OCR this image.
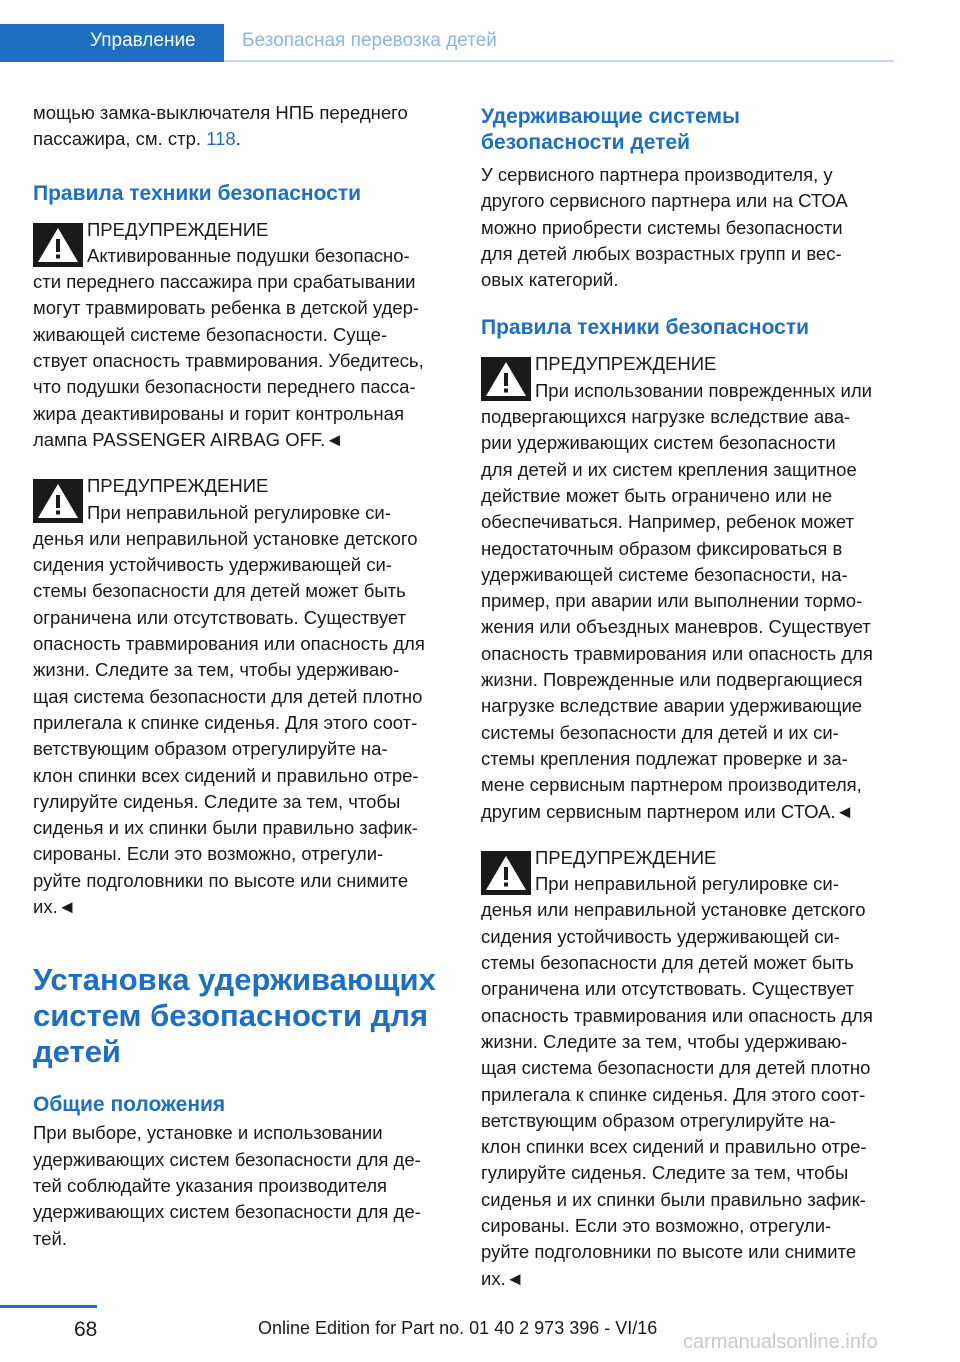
Управление Безопасная перевозка детей

мощью замка-выключателя НПБ переднего
пассажира, см. стр. 118.

Правила техники безопасности
ПРЕДУПРЕЖДЕНИЕ
Активированные подушки безопасно-
сти переднего пассажира при срабатывании
могут травмировать ребенка в детской удер-
живающей системе безопасности. Суще-
ствует опасность травмирования. Убедитесь,
что подушки безопасности переднего пасса-
жира деактивированы и горит контрольная
лампа PASSENGER AIRBAG OFF.◄
ПРЕДУПРЕЖДЕНИЕ
При неправильной регулировке си-
денья или неправильной установке детского
сидения устойчивость удерживающей си-
стемы безопасности для детей может быть
ограничена или отсутствовать. Существует
опасность травмирования или опасность для
жизни. Следите за тем, чтобы удерживаю-
щая система безопасности для детей плотно
прилегала к спинке сиденья. Для этого соот-
ветствующим образом отрегулируйте на-
клон спинки всех сидений и правильно отре-
гулируйте сиденья. Следите за тем, чтобы
сиденья и их спинки были правильно зафик-
сированы. Если это возможно, отрегули-
руйте подголовники по высоте или снимите
их.◄
Установка удерживающих
систем безопасности для
детей
Общие положения

При выборе, установке и использовании
удерживающих систем безопасности для де-
тей соблюдайте указания производителя
удерживающих систем безопасности для де-
тей.

Удерживающие системы
безопасности детей

У сервисного партнера производителя, у
другого сервисного партнера или на СТОА
можно приобрести системы безопасности
для детей любых возрастных групп и вес-
овых категорий.

Правила техники безопасности
ПРЕДУПРЕЖДЕНИЕ
При использовании поврежденных или
подвергающихся нагрузке вследствие ава-
рии удерживающих систем безопасности
для детей и их систем крепления защитное
действие может быть ограничено или не
обеспечиваться. Например, ребенок может
недостаточным образом фиксироваться в
удерживающей системе безопасности, на-
пример, при аварии или выполнении тормо-
жения или объездных маневров. Существует
опасность травмирования или опасность для
жизни. Поврежденные или подвергающиеся
нагрузке вследствие аварии удерживающие
системы безопасности для детей и их си-
стемы крепления подлежат проверке и за-
мене сервисным партнером производителя,
другим сервисным партнером или СТОА.◄
ПРЕДУПРЕЖДЕНИЕ
При неправильной регулировке си-
денья или неправильной установке детского
сидения устойчивость удерживающей си-
стемы безопасности для детей может быть
ограничена или отсутствовать. Существует
опасность травмирования или опасность для
жизни. Следите за тем, чтобы удерживаю-
щая система безопасности для детей плотно
прилегала к спинке сиденья. Для этого соот-
ветствующим образом отрегулируйте на-
клон спинки всех сидений и правильно отре-
гулируйте сиденья. Следите за тем, чтобы
сиденья и их спинки были правильно зафик-
сированы. Если это возможно, отрегули-
руйте подголовники по высоте или снимите
их.◄
68	Online Edition for Part no. 01 40 2 973 396 - VI/16
carmanualsonline.info
